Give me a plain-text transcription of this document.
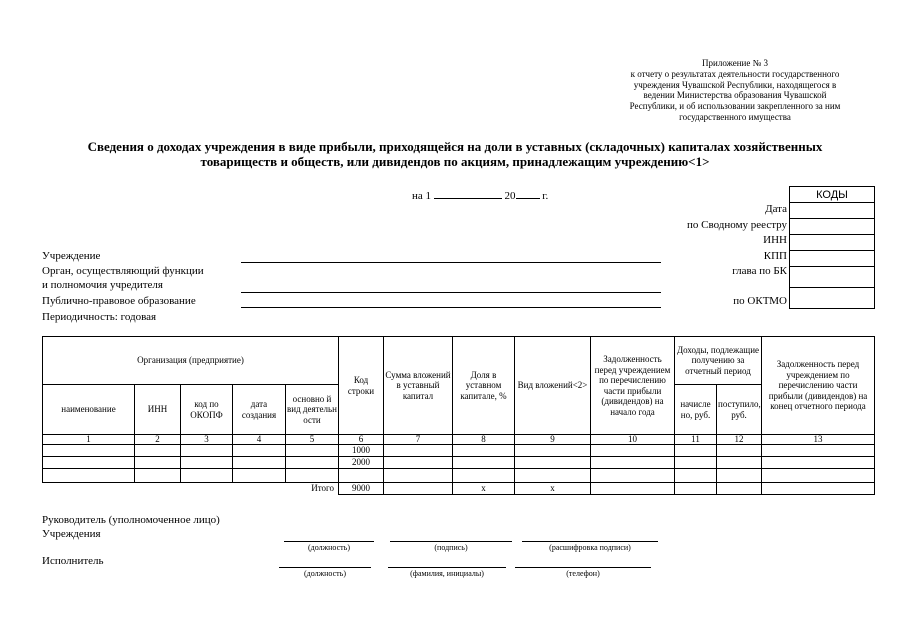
Приложение № 3
к отчету о результатах деятельности государственного
учреждения Чувашской Республики, находящегося в
ведении Министерства образования Чувашской
Республики, и об использовании закрепленного за ним
государственного имущества
Сведения о доходах учреждения в виде прибыли, приходящейся на доли в уставных (складочных) капиталах хозяйственных
товариществ и обществ, или дивидендов по акциям, принадлежащим учреждению<1>
на 1	20 г.	КОДЫ

Дата
по Сводному реестру
ИНН
КПП
глава по БК
по ОКТМО
Учреждение
Орган, осуществляющий функции
и полномочия учредителя
Публично-правовое образование
Периодичность: годовая
Организация (предприятие)					Код строки	Сумма вложений в уставный капитал	Доля в уставном капитале, %	Вид вложений<2>	Задолженность перед учреждением по перечислению части прибыли (дивидендов) на начало года	Доходы, подлежащие получению за отчетный период		Задолженность перед учреждением по перечислению части прибыли (дивидендов) на конец отчетного периода
наименование	ИНН	код по ОКОПФ	дата создания	основно й вид деятельн ости						начисле но, руб.	поступило, руб.	
1	2	3	4	5	6	7	8	9	10	11	12	13
					1000							
					2000							

Итого					9000		x	x				
Руководитель (уполномоченное лицо)
Учреждения
(должность)	(подпись)	(расшифровка подписи)
Исполнитель
(должность)	(фамилия, инициалы)	(телефон)
